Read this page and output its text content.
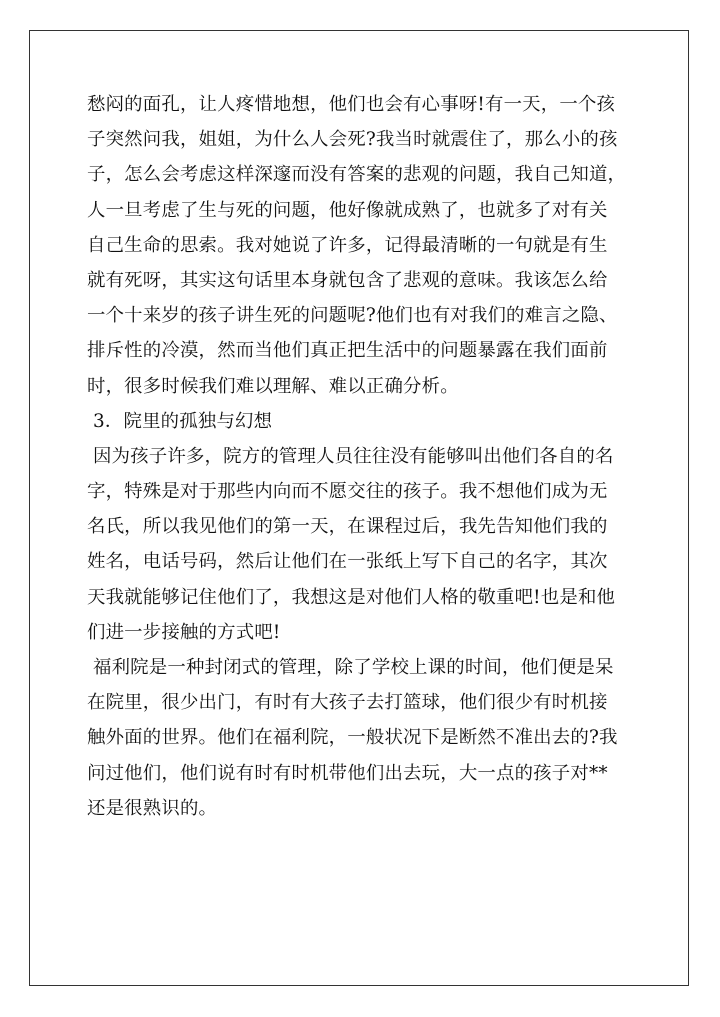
愁闷的面孔，让人疼惜地想，他们也会有心事呀!有一天，一个孩
子突然问我，姐姐，为什么人会死?我当时就震住了，那么小的孩
子，怎么会考虑这样深邃而没有答案的悲观的问题，我自己知道，
人一旦考虑了生与死的问题，他好像就成熟了，也就多了对有关
自己生命的思索。我对她说了许多，记得最清晰的一句就是有生
就有死呀，其实这句话里本身就包含了悲观的意味。我该怎么给
一个十来岁的孩子讲生死的问题呢?他们也有对我们的难言之隐、
排斥性的冷漠，然而当他们真正把生活中的问题暴露在我们面前
时，很多时候我们难以理解、难以正确分析。
3．院里的孤独与幻想
因为孩子许多，院方的管理人员往往没有能够叫出他们各自的名
字，特殊是对于那些内向而不愿交往的孩子。我不想他们成为无
名氏，所以我见他们的第一天，在课程过后，我先告知他们我的
姓名，电话号码，然后让他们在一张纸上写下自己的名字，其次
天我就能够记住他们了，我想这是对他们人格的敬重吧!也是和他
们进一步接触的方式吧!
福利院是一种封闭式的管理，除了学校上课的时间，他们便是呆
在院里，很少出门，有时有大孩子去打篮球，他们很少有时机接
触外面的世界。他们在福利院，一般状况下是断然不准出去的?我
问过他们，他们说有时有时机带他们出去玩，大一点的孩子对**
还是很熟识的。
